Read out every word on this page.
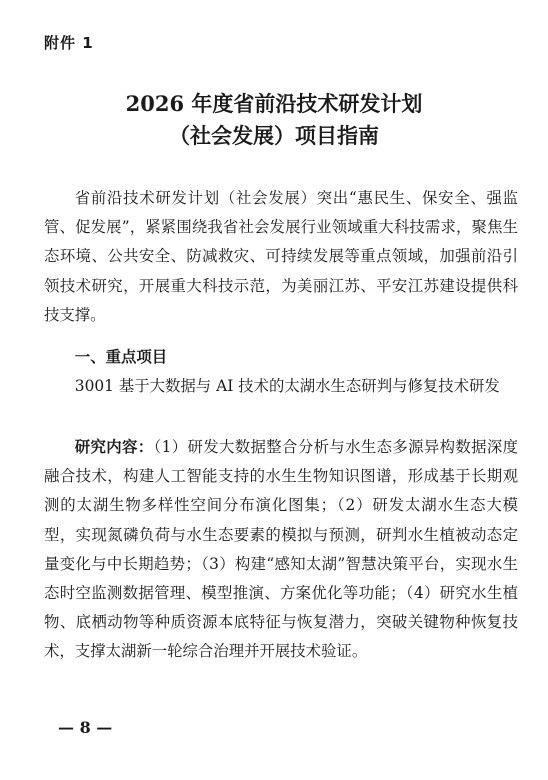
附件 1
2026 年度省前沿技术研发计划
（社会发展）项目指南

省前沿技术研发计划（社会发展）突出“惠民生、保安全、强监管、促发展”，紧紧围绕我省社会发展行业领域重大科技需求，聚焦生态环境、公共安全、防减救灾、可持续发展等重点领域，加强前沿引领技术研究，开展重大科技示范，为美丽江苏、平安江苏建设提供科技支撑。

一、重点项目

3001 基于大数据与 AI 技术的太湖水生态研判与修复技术研发

研究内容：（1）研发大数据整合分析与水生态多源异构数据深度融合技术，构建人工智能支持的水生生物知识图谱，形成基于长期观测的太湖生物多样性空间分布演化图集；（2）研发太湖水生态大模型，实现氮磷负荷与水生态要素的模拟与预测，研判水生植被动态定量变化与中长期趋势；（3）构建“感知太湖”智慧决策平台，实现水生态时空监测数据管理、模型推演、方案优化等功能；（4）研究水生植物、底栖动物等种质资源本底特征与恢复潜力，突破关键物种恢复技术，支撑太湖新一轮综合治理并开展技术验证。

— 8 —
